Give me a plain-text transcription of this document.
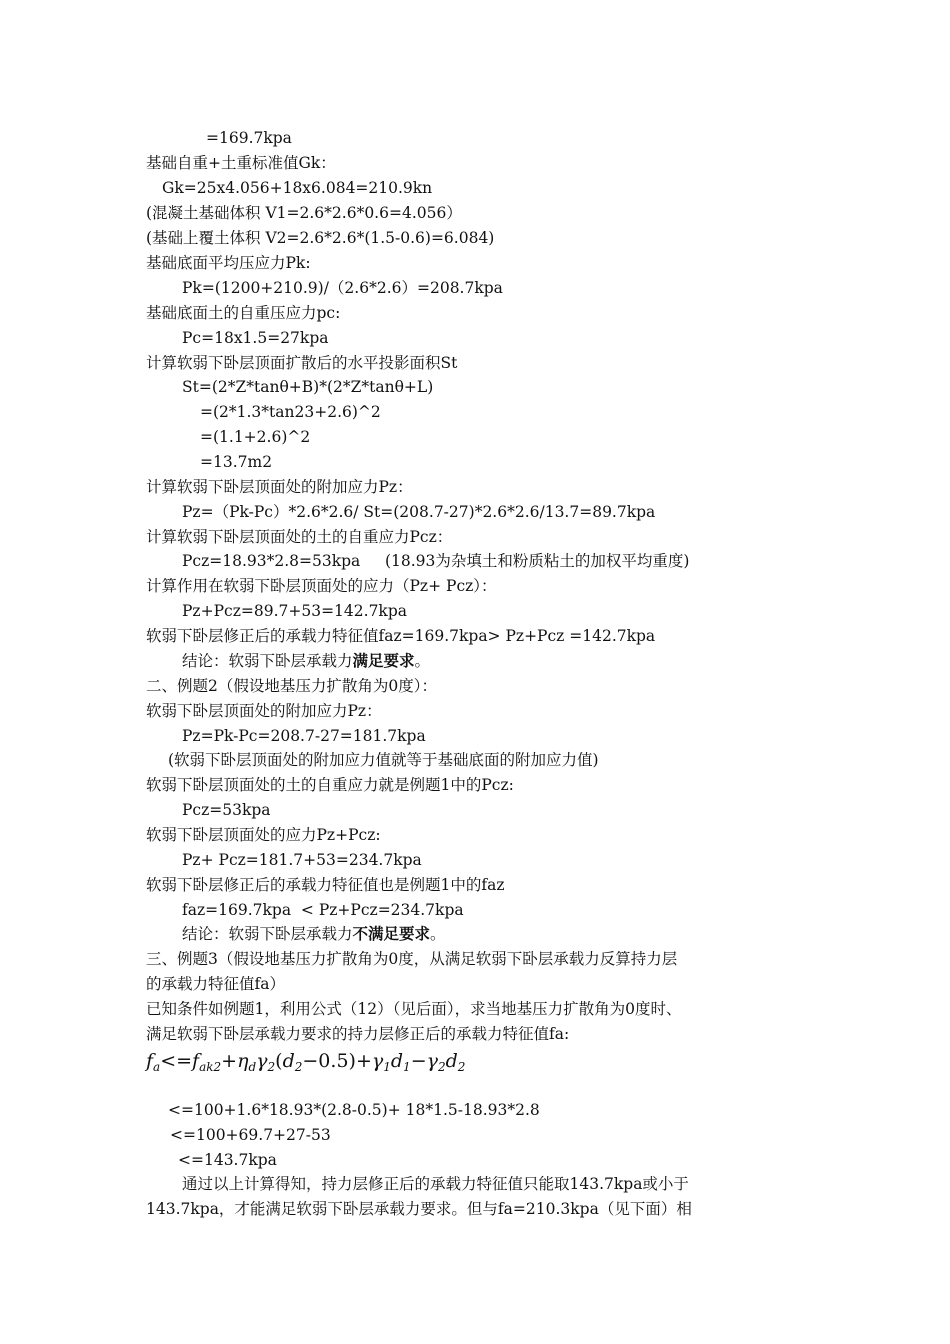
=169.7kpa
基础自重+土重标准值Gk：
Gk=25x4.056+18x6.084=210.9kn
(混凝土基础体积 V1=2.6*2.6*0.6=4.056）
(基础上覆土体积 V2=2.6*2.6*(1.5-0.6)=6.084)
基础底面平均压应力Pk:
Pk=(1200+210.9)/（2.6*2.6）=208.7kpa
基础底面土的自重压应力pc:
Pc=18x1.5=27kpa
计算软弱下卧层顶面扩散后的水平投影面积St
St=(2*Z*tanθ+B)*(2*Z*tanθ+L)
=(2*1.3*tan23+2.6)^2
=(1.1+2.6)^2
=13.7m2
计算软弱下卧层顶面处的附加应力Pz：
Pz=（Pk-Pc）*2.6*2.6/ St=(208.7-27)*2.6*2.6/13.7=89.7kpa
计算软弱下卧层顶面处的土的自重应力Pcz：
Pcz=18.93*2.8=53kpa     (18.93为杂填土和粉质粘土的加权平均重度)
计算作用在软弱下卧层顶面处的应力（Pz+ Pcz）：
Pz+Pcz=89.7+53=142.7kpa
软弱下卧层修正后的承载力特征值faz=169.7kpa> Pz+Pcz =142.7kpa
结论：软弱下卧层承载力满足要求。
二、例题2（假设地基压力扩散角为0度）：
软弱下卧层顶面处的附加应力Pz：
Pz=Pk-Pc=208.7-27=181.7kpa
(软弱下卧层顶面处的附加应力值就等于基础底面的附加应力值)
软弱下卧层顶面处的土的自重应力就是例题1中的Pcz:
Pcz=53kpa
软弱下卧层顶面处的应力Pz+Pcz:
Pz+ Pcz=181.7+53=234.7kpa
软弱下卧层修正后的承载力特征值也是例题1中的faz
faz=169.7kpa  < Pz+Pcz=234.7kpa
结论：软弱下卧层承载力不满足要求。
三、例题3（假设地基压力扩散角为0度，从满足软弱下卧层承载力反算持力层
的承载力特征值fa）
已知条件如例题1，利用公式（12）（见后面），求当地基压力扩散角为0度时、
满足软弱下卧层承载力要求的持力层修正后的承载力特征值fa:
$f_a<=f_{ak2}+\eta_d\gamma_2(d_2-0.5)+\gamma_1d_1-\gamma_2d_2$
<=100+1.6*18.93*(2.8-0.5)+ 18*1.5-18.93*2.8
<=100+69.7+27-53
<=143.7kpa
通过以上计算得知，持力层修正后的承载力特征值只能取143.7kpa或小于
143.7kpa，才能满足软弱下卧层承载力要求。但与fa=210.3kpa（见下面）相
